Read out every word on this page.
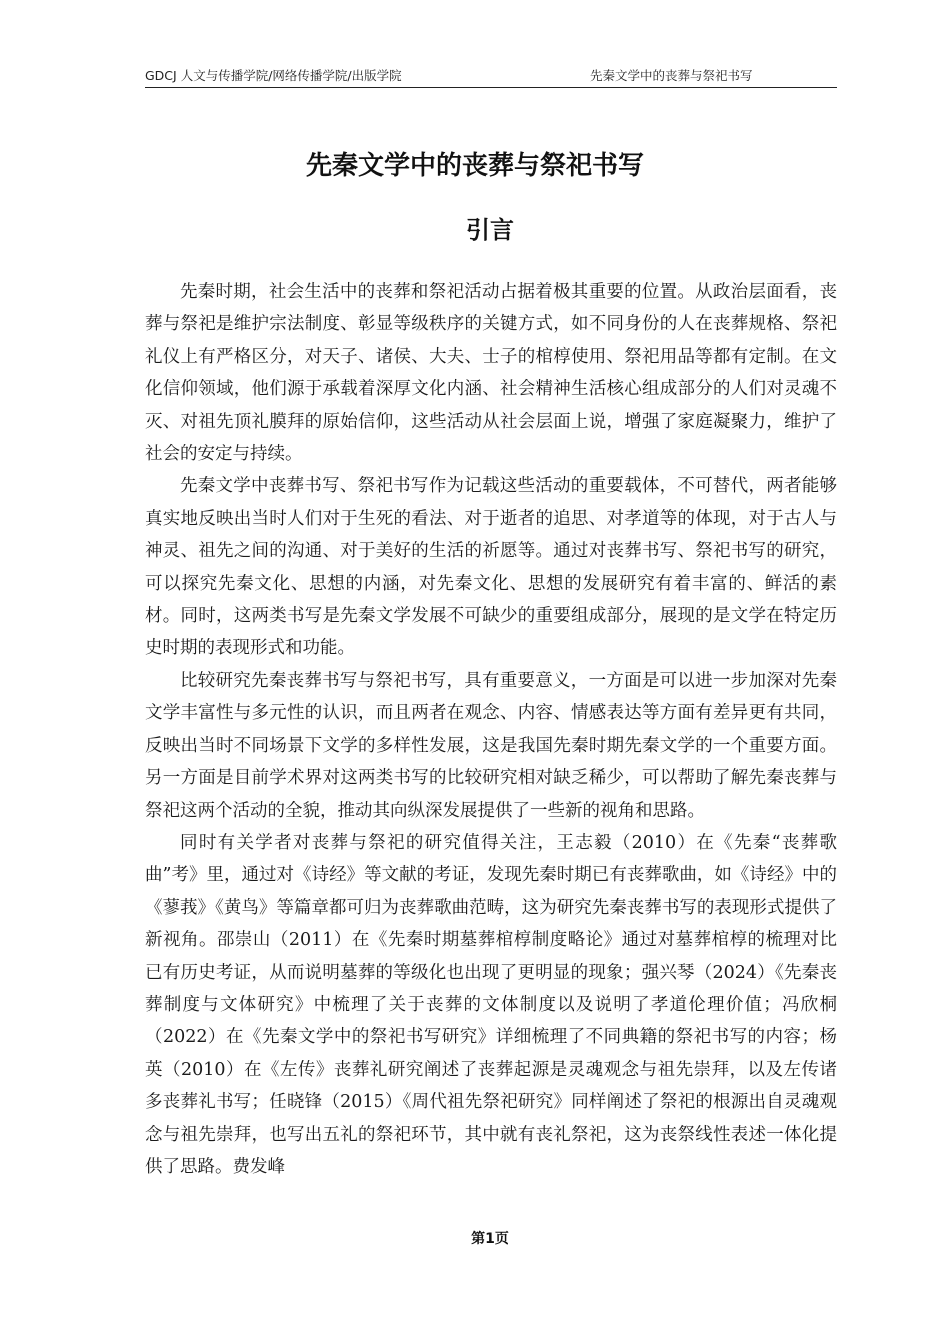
GDCJ 人文与传播学院/网络传播学院/出版学院	先秦文学中的丧葬与祭祀书写
先秦文学中的丧葬与祭祀书写
引言

先秦时期，社会生活中的丧葬和祭祀活动占据着极其重要的位置。从政治层面看，丧葬与祭祀是维护宗法制度、彰显等级秩序的关键方式，如不同身份的人在丧葬规格、祭祀礼仪上有严格区分，对天子、诸侯、大夫、士子的棺椁使用、祭祀用品等都有定制。在文化信仰领域，他们源于承载着深厚文化内涵、社会精神生活核心组成部分的人们对灵魂不灭、对祖先顶礼膜拜的原始信仰，这些活动从社会层面上说，增强了家庭凝聚力，维护了社会的安定与持续。

先秦文学中丧葬书写、祭祀书写作为记载这些活动的重要载体，不可替代，两者能够真实地反映出当时人们对于生死的看法、对于逝者的追思、对孝道等的体现，对于古人与神灵、祖先之间的沟通、对于美好的生活的祈愿等。通过对丧葬书写、祭祀书写的研究，可以探究先秦文化、思想的内涵，对先秦文化、思想的发展研究有着丰富的、鲜活的素材。同时，这两类书写是先秦文学发展不可缺少的重要组成部分，展现的是文学在特定历史时期的表现形式和功能。

比较研究先秦丧葬书写与祭祀书写，具有重要意义，一方面是可以进一步加深对先秦文学丰富性与多元性的认识，而且两者在观念、内容、情感表达等方面有差异更有共同，反映出当时不同场景下文学的多样性发展，这是我国先秦时期先秦文学的一个重要方面。另一方面是目前学术界对这两类书写的比较研究相对缺乏稀少，可以帮助了解先秦丧葬与祭祀这两个活动的全貌，推动其向纵深发展提供了一些新的视角和思路。

同时有关学者对丧葬与祭祀的研究值得关注，王志毅（2010）在《先秦“丧葬歌曲”考》里，通过对《诗经》等文献的考证，发现先秦时期已有丧葬歌曲，如《诗经》中的《蓼莪》《黄鸟》等篇章都可归为丧葬歌曲范畴，这为研究先秦丧葬书写的表现形式提供了新视角。邵崇山（2011）在《先秦时期墓葬棺椁制度略论》通过对墓葬棺椁的梳理对比已有历史考证，从而说明墓葬的等级化也出现了更明显的现象；强兴琴（2024）《先秦丧葬制度与文体研究》中梳理了关于丧葬的文体制度以及说明了孝道伦理价值；冯欣桐（2022）在《先秦文学中的祭祀书写研究》详细梳理了不同典籍的祭祀书写的内容；杨英（2010）在《左传》丧葬礼研究阐述了丧葬起源是灵魂观念与祖先崇拜，以及左传诸多丧葬礼书写；任晓锋（2015）《周代祖先祭祀研究》同样阐述了祭祀的根源出自灵魂观念与祖先崇拜，也写出五礼的祭祀环节，其中就有丧礼祭祀，这为丧祭线性表述一体化提供了思路。费发峰

第1页
